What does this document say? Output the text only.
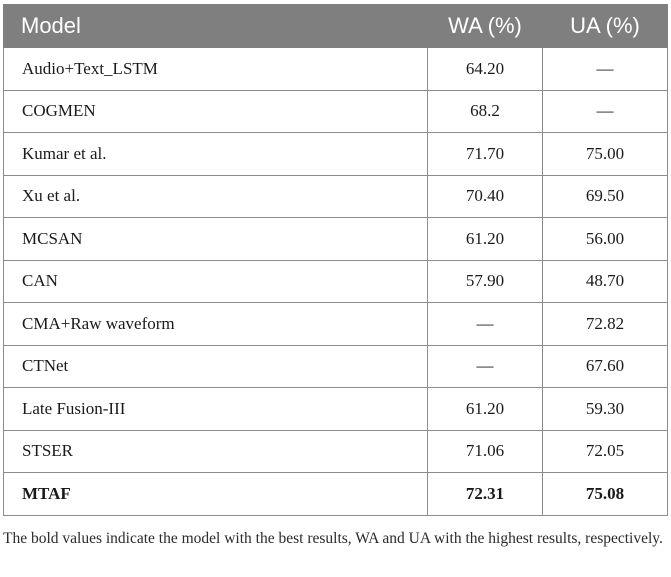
Model	WA (%)	UA (%)
Audio+Text_LSTM	64.20	—
COGMEN	68.2	—
Kumar et al.	71.70	75.00
Xu et al.	70.40	69.50
MCSAN	61.20	56.00
CAN	57.90	48.70
CMA+Raw waveform	—	72.82
CTNet	—	67.60
Late Fusion-III	61.20	59.30
STSER	71.06	72.05
MTAF	72.31	75.08

The bold values indicate the model with the best results, WA and UA with the highest results, respectively.
